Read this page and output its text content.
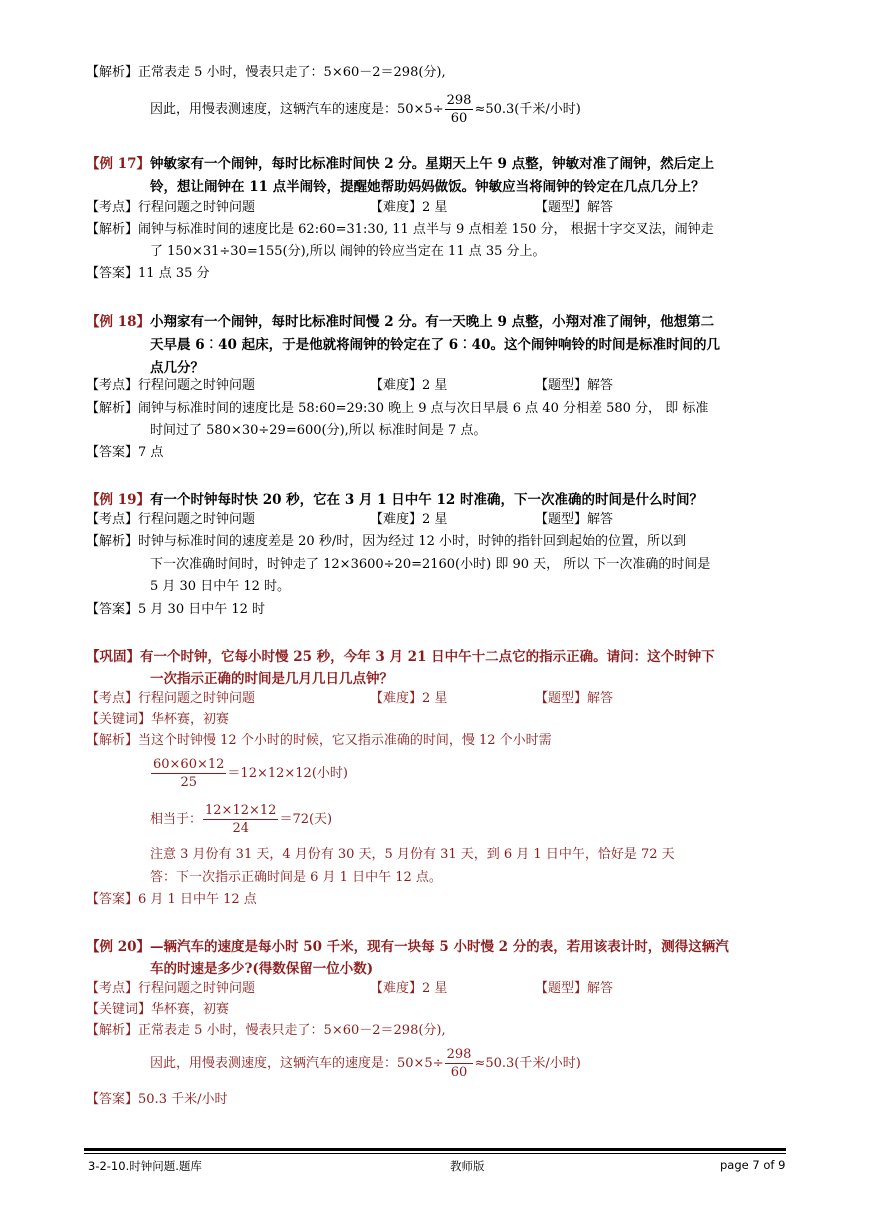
【解析】正常表走 5 小时，慢表只走了：5×60－2＝298(分),
因此，用慢表测速度，这辆汽车的速度是：$50\times 5\div \frac{298}{60} \approx 50.3$(千米/小时)
【例 17】钟敏家有一个闹钟，每时比标准时间快 2 分。星期天上午 9 点整，钟敏对准了闹钟，然后定上
铃，想让闹钟在 11 点半闹铃，提醒她帮助妈妈做饭。钟敏应当将闹钟的铃定在几点几分上？
【考点】行程问题之时钟问题	【难度】2 星	【题型】解答
【解析】闹钟与标准时间的速度比是 62:60=31:30, 11 点半与 9 点相差 150 分， 根据十字交叉法，闹钟走
了 150×31÷30=155(分),所以 闹钟的铃应当定在 11 点 35 分上。
【答案】11 点 35 分
【例 18】小翔家有一个闹钟，每时比标准时间慢 2 分。有一天晚上 9 点整，小翔对准了闹钟，他想第二
天早晨 6︰40 起床，于是他就将闹钟的铃定在了 6︰40。这个闹钟响铃的时间是标准时间的几
点几分？
【考点】行程问题之时钟问题	【难度】2 星	【题型】解答
【解析】闹钟与标准时间的速度比是 58:60=29:30 晚上 9 点与次日早晨 6 点 40 分相差 580 分， 即 标准
时间过了 580×30÷29=600(分),所以 标准时间是 7 点。
【答案】7 点
【例 19】有一个时钟每时快 20 秒，它在 3 月 1 日中午 12 时准确，下一次准确的时间是什么时间？
【考点】行程问题之时钟问题	【难度】2 星	【题型】解答
【解析】时钟与标准时间的速度差是 20 秒/时，因为经过 12 小时，时钟的指针回到起始的位置，所以到
下一次准确时间时，时钟走了 12×3600÷20=2160(小时) 即 90 天， 所以 下一次准确的时间是
5 月 30 日中午 12 时。
【答案】5 月 30 日中午 12 时
【巩固】有一个时钟，它每小时慢 25 秒，今年 3 月 21 日中午十二点它的指示正确。请问：这个时钟下
一次指示正确的时间是几月几日几点钟？
【考点】行程问题之时钟问题	【难度】2 星	【题型】解答
【关键词】华杯赛，初赛
【解析】当这个时钟慢 12 个小时的时候，它又指示准确的时间，慢 12 个小时需
$\frac{60\times 60\times 12}{25} =12\times 12\times 12$(小时)
相当于： $\frac{12\times 12\times 12}{24} =72$(天)
注意 3 月份有 31 天，4 月份有 30 天，5 月份有 31 天，到 6 月 1 日中午，恰好是 72 天
答：下一次指示正确时间是 6 月 1 日中午 12 点。
【答案】6 月 1 日中午 12 点
【例 20】—辆汽车的速度是每小时 50 千米，现有一块每 5 小时慢 2 分的表，若用该表计时，测得这辆汽
车的时速是多少?(得数保留一位小数)
【考点】行程问题之时钟问题	【难度】2 星	【题型】解答
【关键词】华杯赛，初赛
【解析】正常表走 5 小时，慢表只走了：5×60－2＝298(分),
因此，用慢表测速度，这辆汽车的速度是：$50\times 5\div \frac{298}{60} \approx 50.3$(千米/小时)
【答案】50.3 千米/小时
3-2-10.时钟问题.题库	教师版	page 7 of 9
